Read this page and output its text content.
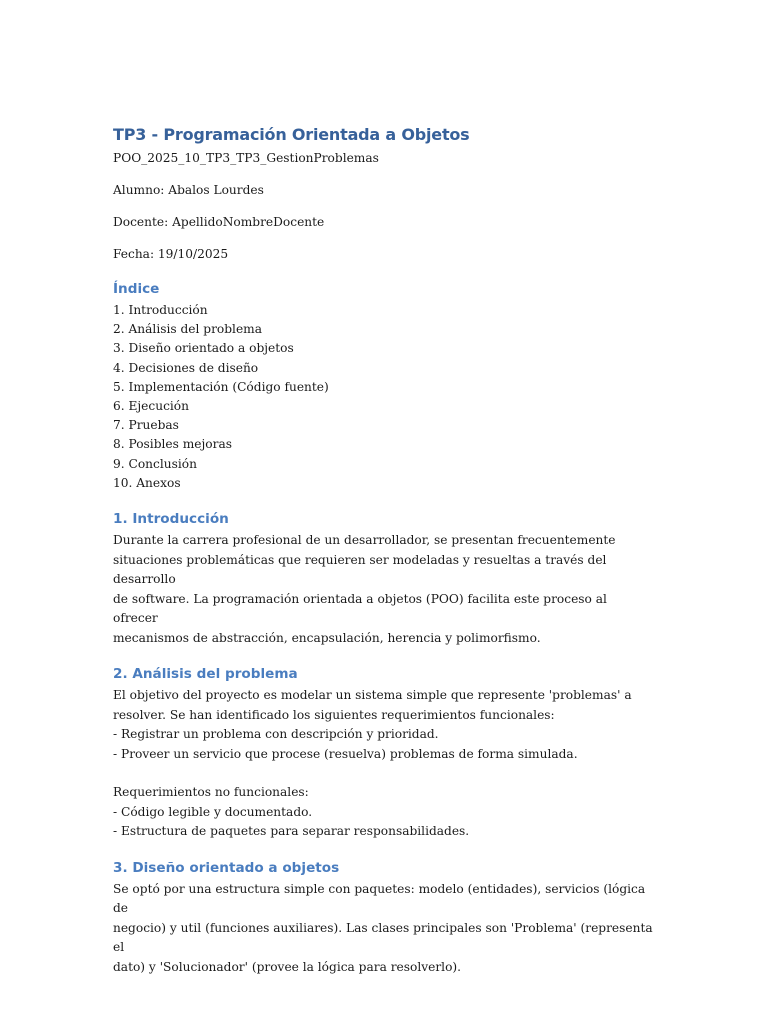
TP3 - Programación Orientada a Objetos

POO_2025_10_TP3_TP3_GestionProblemas

Alumno: Abalos Lourdes

Docente: ApellidoNombreDocente

Fecha: 19/10/2025

Índice
1. Introducción
2. Análisis del problema
3. Diseño orientado a objetos
4. Decisiones de diseño
5. Implementación (Código fuente)
6. Ejecución
7. Pruebas
8. Posibles mejoras
9. Conclusión
10. Anexos
1. Introducción

Durante la carrera profesional de un desarrollador, se presentan frecuentemente

situaciones problemáticas que requieren ser modeladas y resueltas a través del desarrollo

de software. La programación orientada a objetos (POO) facilita este proceso al ofrecer

mecanismos de abstracción, encapsulación, herencia y polimorfismo.

2. Análisis del problema

El objetivo del proyecto es modelar un sistema simple que represente 'problemas' a

resolver. Se han identificado los siguientes requerimientos funcionales:

- Registrar un problema con descripción y prioridad.

- Proveer un servicio que procese (resuelva) problemas de forma simulada.

Requerimientos no funcionales:

- Código legible y documentado.

- Estructura de paquetes para separar responsabilidades.

3. Diseño orientado a objetos

Se optó por una estructura simple con paquetes: modelo (entidades), servicios (lógica de

negocio) y util (funciones auxiliares). Las clases principales son 'Problema' (representa el

dato) y 'Solucionador' (provee la lógica para resolverlo).
